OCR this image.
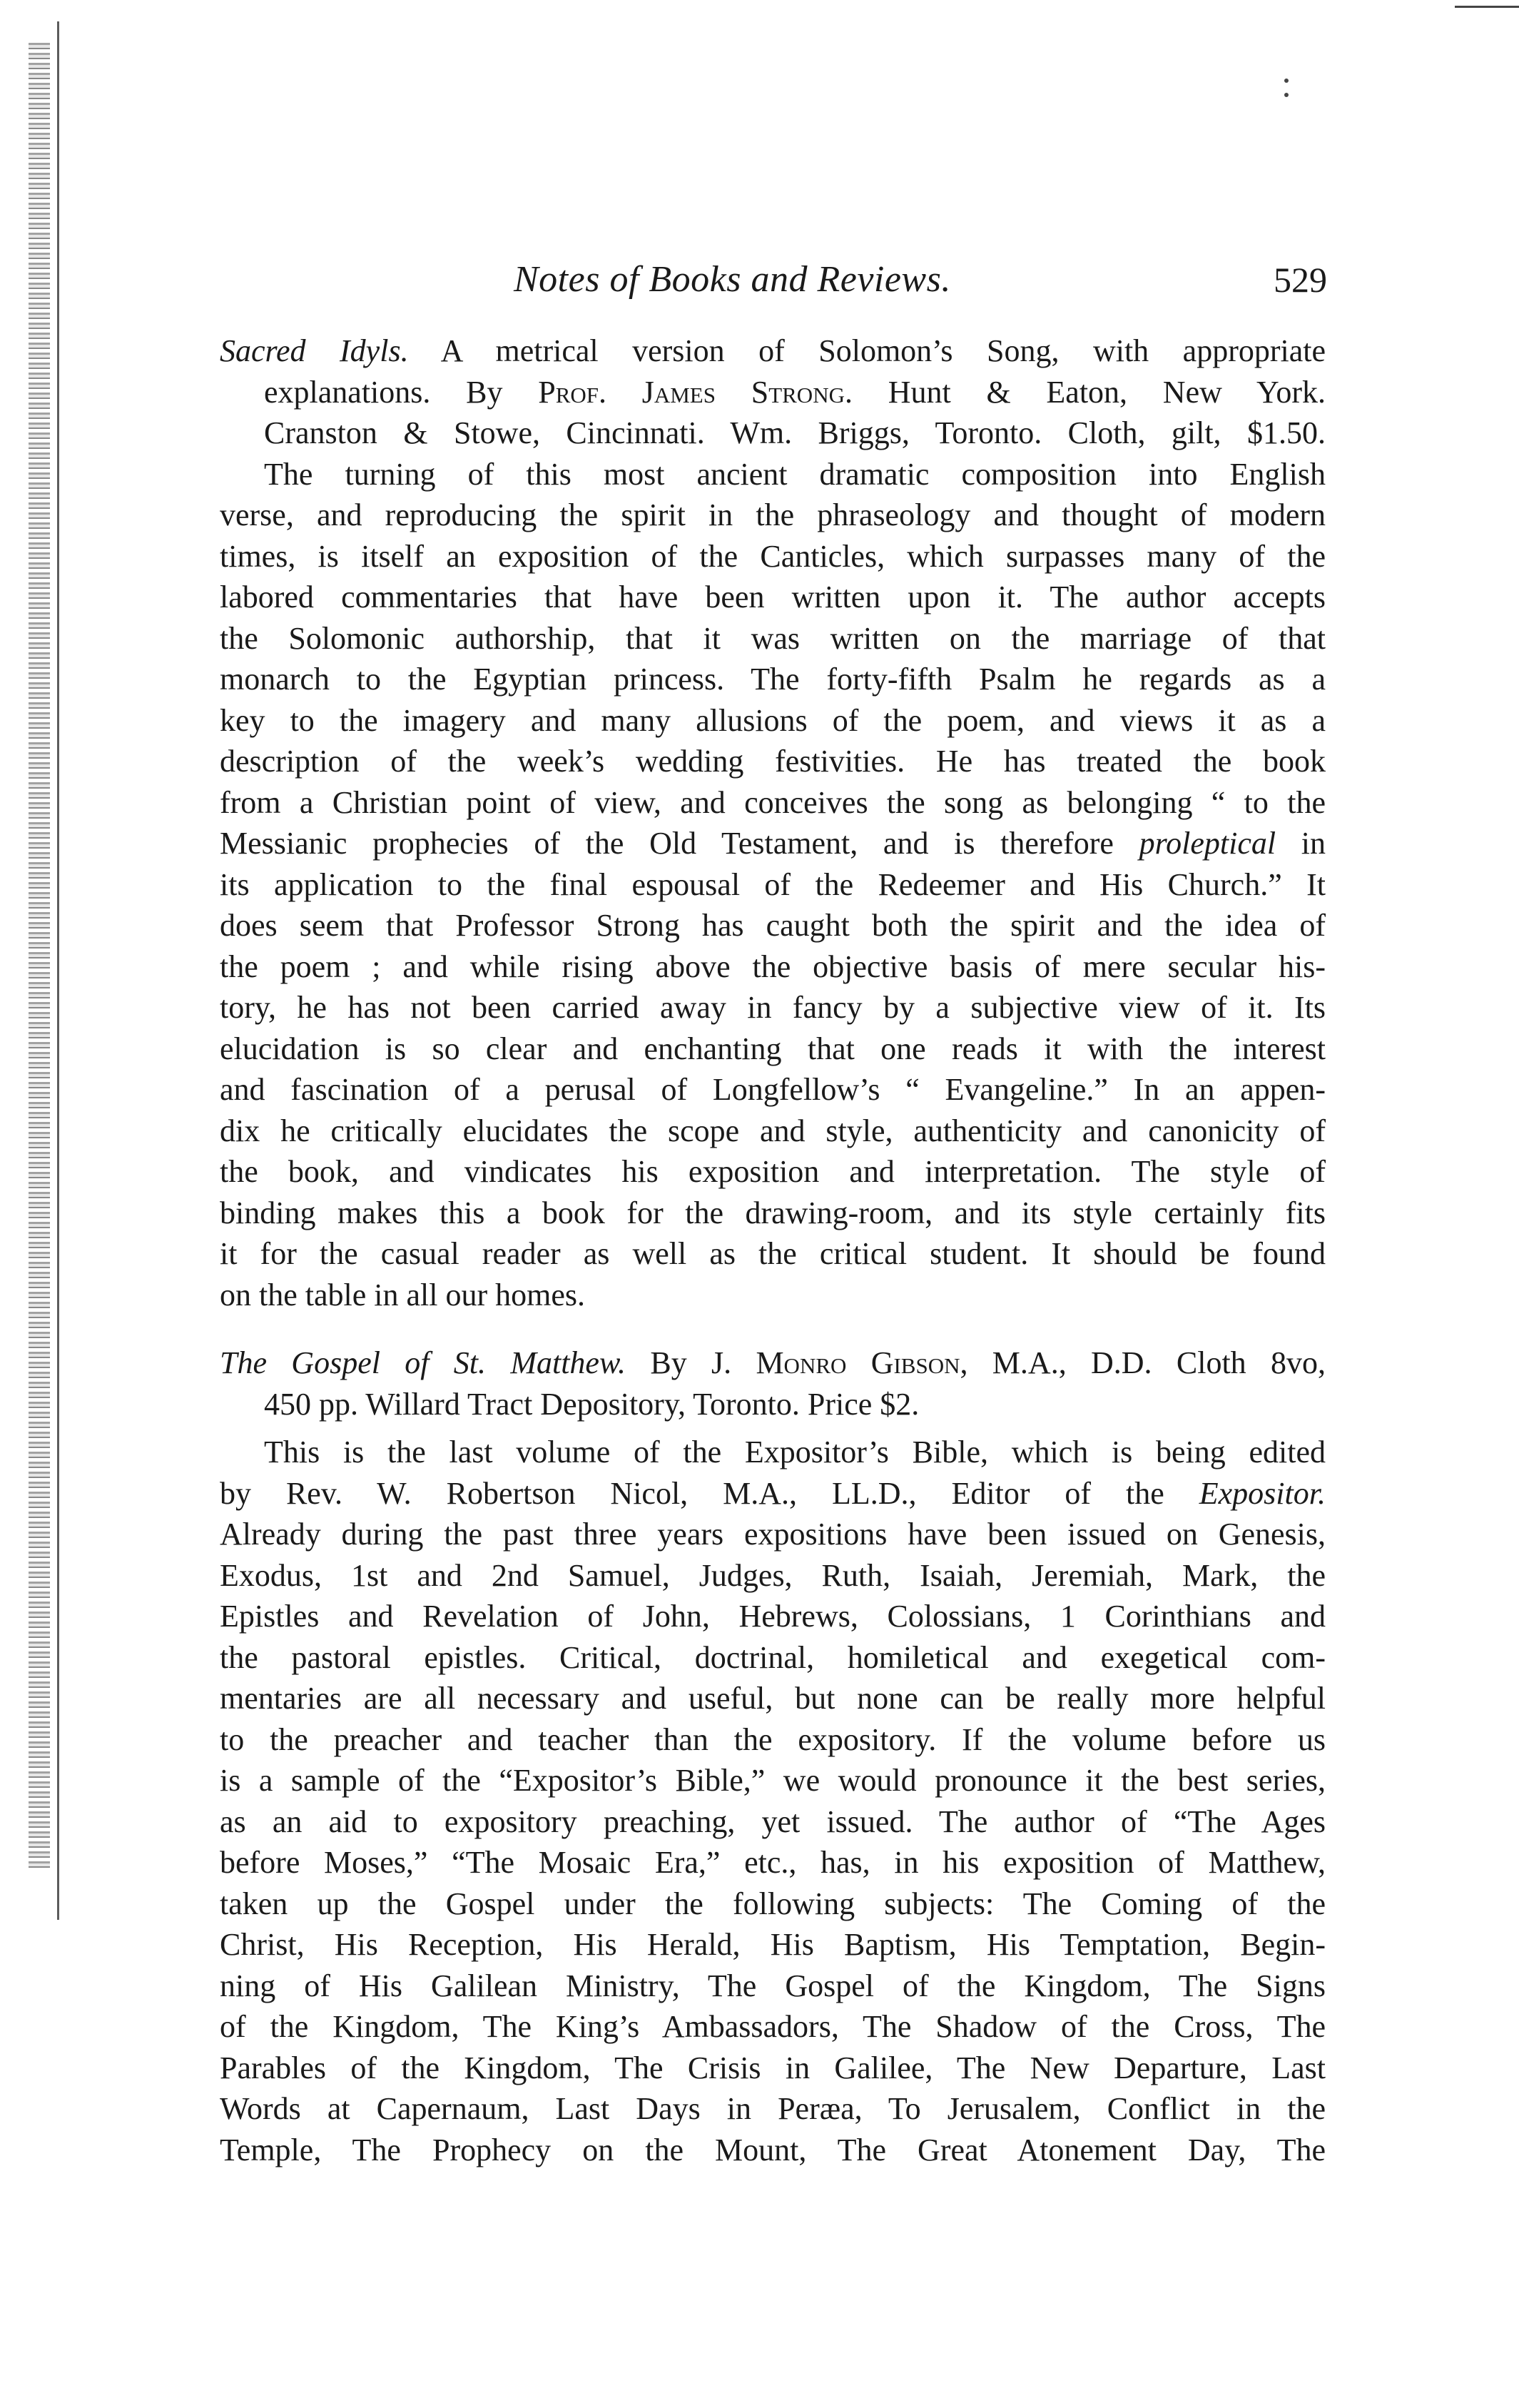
Notes of Books and Reviews.	529
Sacred Idyls. A metrical version of Solomon’s Song, with appropriate
explanations. By Prof. James Strong. Hunt & Eaton, New York.
Cranston & Stowe, Cincinnati. Wm. Briggs, Toronto. Cloth, gilt, $1.50.
The turning of this most ancient dramatic composition into English
verse, and reproducing the spirit in the phraseology and thought of modern
times, is itself an exposition of the Canticles, which surpasses many of the
labored commentaries that have been written upon it. The author accepts
the Solomonic authorship, that it was written on the marriage of that
monarch to the Egyptian princess. The forty-fifth Psalm he regards as a
key to the imagery and many allusions of the poem, and views it as a
description of the week’s wedding festivities. He has treated the book
from a Christian point of view, and conceives the song as belonging “ to the
Messianic prophecies of the Old Testament, and is therefore proleptical in
its application to the final espousal of the Redeemer and His Church.” It
does seem that Professor Strong has caught both the spirit and the idea of
the poem ; and while rising above the objective basis of mere secular his-
tory, he has not been carried away in fancy by a subjective view of it. Its
elucidation is so clear and enchanting that one reads it with the interest
and fascination of a perusal of Longfellow’s “ Evangeline.” In an appen-
dix he critically elucidates the scope and style, authenticity and canonicity of
the book, and vindicates his exposition and interpretation. The style of
binding makes this a book for the drawing-room, and its style certainly fits
it for the casual reader as well as the critical student. It should be found
on the table in all our homes.
The Gospel of St. Matthew. By J. Monro Gibson, M.A., D.D. Cloth 8vo,
450 pp. Willard Tract Depository, Toronto. Price $2.
This is the last volume of the Expositor’s Bible, which is being edited
by Rev. W. Robertson Nicol, M.A., LL.D., Editor of the Expositor.
Already during the past three years expositions have been issued on Genesis,
Exodus, 1st and 2nd Samuel, Judges, Ruth, Isaiah, Jeremiah, Mark, the
Epistles and Revelation of John, Hebrews, Colossians, 1 Corinthians and
the pastoral epistles. Critical, doctrinal, homiletical and exegetical com-
mentaries are all necessary and useful, but none can be really more helpful
to the preacher and teacher than the expository. If the volume before us
is a sample of the “Expositor’s Bible,” we would pronounce it the best series,
as an aid to expository preaching, yet issued. The author of “The Ages
before Moses,” “The Mosaic Era,” etc., has, in his exposition of Matthew,
taken up the Gospel under the following subjects: The Coming of the
Christ, His Reception, His Herald, His Baptism, His Temptation, Begin-
ning of His Galilean Ministry, The Gospel of the Kingdom, The Signs
of the Kingdom, The King’s Ambassadors, The Shadow of the Cross, The
Parables of the Kingdom, The Crisis in Galilee, The New Departure, Last
Words at Capernaum, Last Days in Peræa, To Jerusalem, Conflict in the
Temple, The Prophecy on the Mount, The Great Atonement Day, The
